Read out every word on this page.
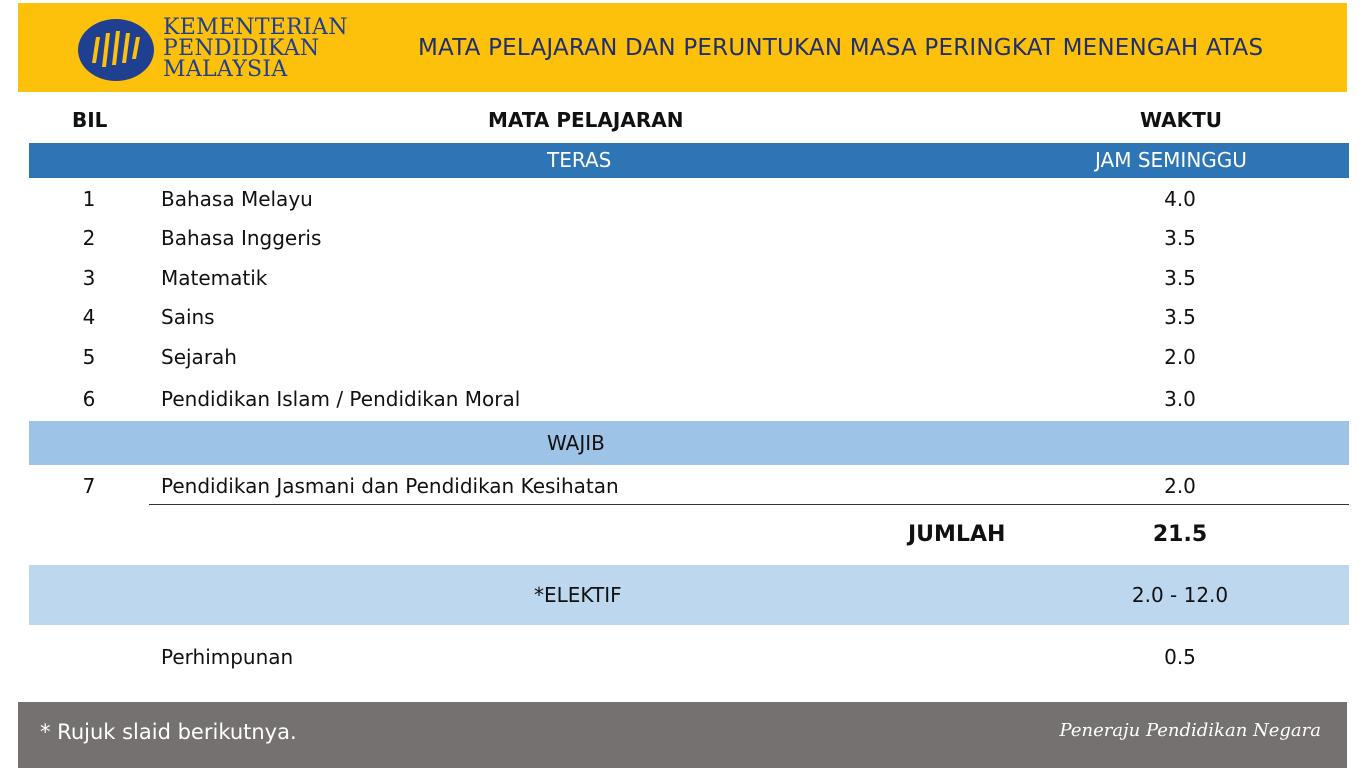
KEMENTERIAN
PENDIDIKAN
MALAYSIA
MATA PELAJARAN DAN PERUNTUKAN MASA PERINGKAT MENENGAH ATAS
BIL	MATA PELAJARAN	WAKTU
TERAS	JAM SEMINGGU
1	Bahasa Melayu	4.0
2	Bahasa Inggeris	3.5
3	Matematik	3.5
4	Sains	3.5
5	Sejarah	2.0
6	Pendidikan Islam / Pendidikan Moral	3.0
WAJIB
7	Pendidikan Jasmani dan Pendidikan Kesihatan	2.0
JUMLAH	21.5
*ELEKTIF	2.0 - 12.0
Perhimpunan	0.5
* Rujuk slaid berikutnya.	Peneraju Pendidikan Negara
